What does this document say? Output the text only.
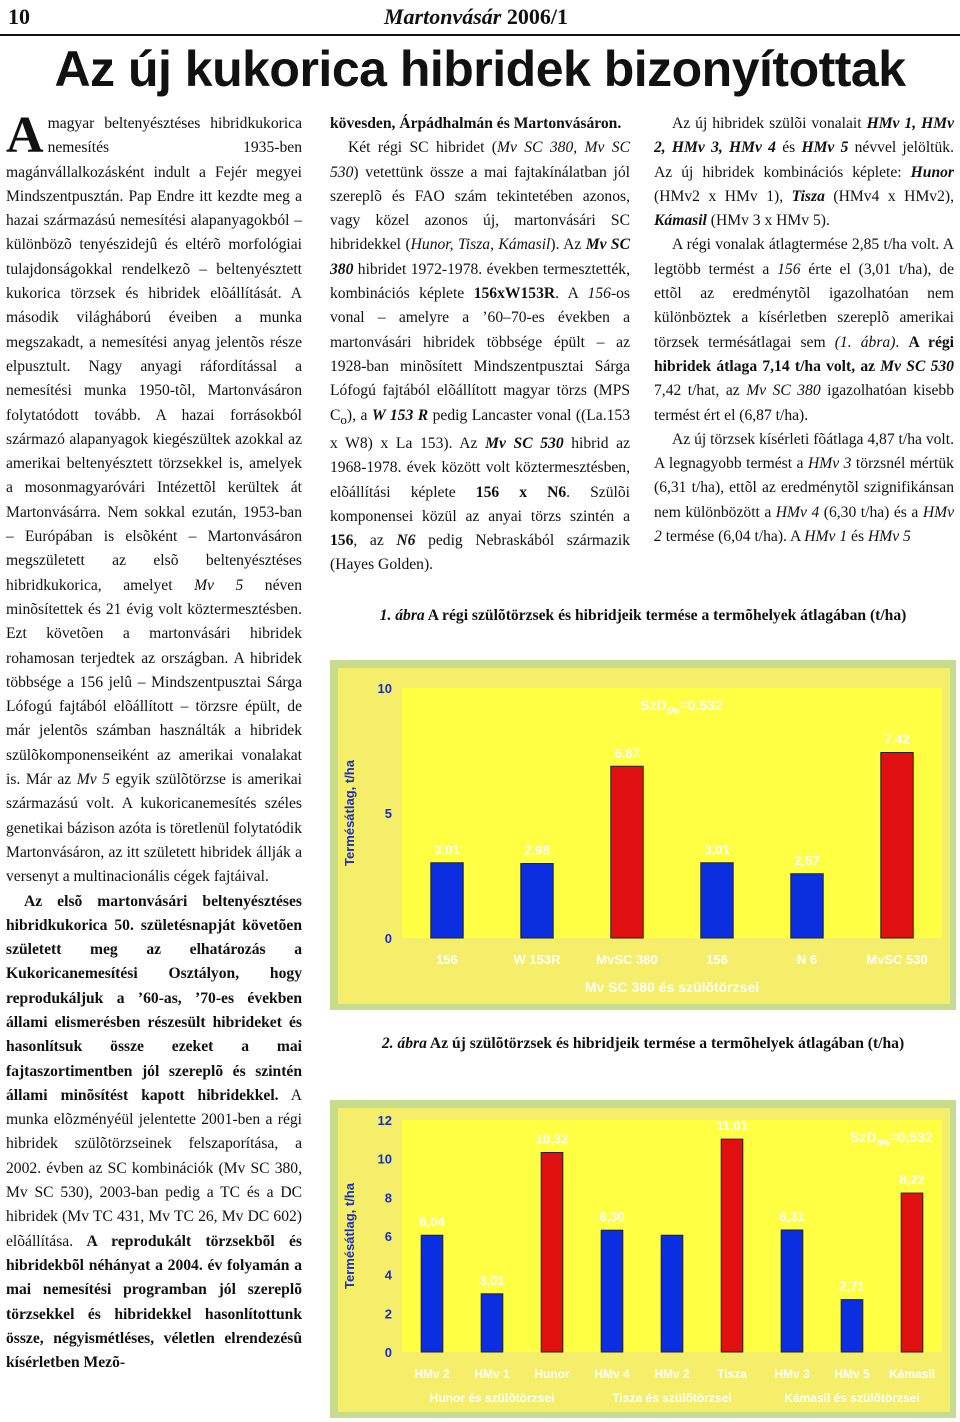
10	Martonvásár 2006/1
Az új kukorica hibridek bizonyítottak

Amagyar beltenyésztéses hibridkukorica nemesítés 1935-ben magánvállalkozásként indult a Fejér megyei Mindszentpusztán. Pap Endre itt kezdte meg a hazai származású nemesítési alapanyagokból – különbözõ tenyészidejû és eltérõ morfológiai tulajdonságokkal rendelkezõ – beltenyésztett kukorica törzsek és hibridek elõállítását. A második világháború éveiben a munka megszakadt, a nemesítési anyag jelentõs része elpusztult. Nagy anyagi ráfordítással a nemesítési munka 1950-tõl, Martonvásáron folytatódott tovább. A hazai forrásokból származó alapanyagok kiegészültek azokkal az amerikai beltenyésztett törzsekkel is, amelyek a mosonmagyaróvári Intézettõl kerültek át Martonvásárra. Nem sokkal ezután, 1953-ban – Európában is elsõként – Martonvásáron megszületett az elsõ beltenyésztéses hibridkukorica, amelyet Mv 5 néven minõsítettek és 21 évig volt köztermesztésben. Ezt követõen a martonvásári hibridek rohamosan terjedtek az országban. A hibridek többsége a 156 jelû – Mindszentpusztai Sárga Lófogú fajtából elõállított – törzsre épült, de már jelentõs számban használták a hibridek szülõkomponenseiként az amerikai vonalakat is. Már az Mv 5 egyik szülõtörzse is amerikai származású volt. A kukoricanemesítés széles genetikai bázison azóta is töretlenül folytatódik Martonvásáron, az itt született hibridek állják a versenyt a multinacionális cégek fajtáival.

Az elsõ martonvásári beltenyésztéses hibridkukorica 50. születésnapját követõen született meg az elhatározás a Kukoricanemesítési Osztályon, hogy reprodukáljuk a ’60-as, ’70-es években állami elismerésben részesült hibrideket és hasonlítsuk össze ezeket a mai fajtaszortimentben jól szereplõ és szintén állami minõsítést kapott hibridekkel. A munka elõzményéül jelentette 2001-ben a régi hibridek szülõtörzseinek felszaporítása, a 2002. évben az SC kombinációk (Mv SC 380, Mv SC 530), 2003-ban pedig a TC és a DC hibridek (Mv TC 431, Mv TC 26, Mv DC 602) elõállítása. A reprodukált törzsekbõl és hibridekbõl néhányat a 2004. év folyamán a mai nemesítési programban jól szereplõ törzsekkel és hibridekkel hasonlítottunk össze, négyismétléses, véletlen elrendezésû kísérletben Mezõ-

kövesden, Árpádhalmán és Martonvásáron.

Két régi SC hibridet (Mv SC 380, Mv SC 530) vetettünk össze a mai fajtakínálatban jól szereplõ és FAO szám tekintetében azonos, vagy közel azonos új, martonvásári SC hibridekkel (Hunor, Tisza, Kámasil). Az Mv SC 380 hibridet 1972-1978. években termesztették, kombinációs képlete 156xW153R. A 156-os vonal – amelyre a ’60–70-es években a martonvásári hibridek többsége épült – az 1928-ban minõsített Mindszentpusztai Sárga Lófogú fajtából elõállított magyar törzs (MPS $C_o$), a W 153 R pedig Lancaster vonal ((La.153 x W8) x La 153). Az Mv SC 530 hibrid az 1968-1978. évek között volt köztermesztésben, elõállítási képlete 156 x N6. Szülõi komponensei közül az anyai törzs szintén a 156, az N6 pedig Nebraskából származik (Hayes Golden).

Az új hibridek szülõi vonalait HMv 1, HMv 2, HMv 3, HMv 4 és HMv 5 névvel jelöltük. Az új hibridek kombinációs képlete: Hunor (HMv2 x HMv 1), Tisza (HMv4 x HMv2), Kámasil (HMv 3 x HMv 5).

A régi vonalak átlagtermése 2,85 t/ha volt. A legtöbb termést a 156 érte el (3,01 t/ha), de ettõl az eredménytõl igazolhatóan nem különböztek a kísérletben szereplõ amerikai törzsek termésátlagai sem (1. ábra). A régi hibridek átlaga 7,14 t/ha volt, az Mv SC 530 7,42 t/hat, az Mv SC 380 igazolhatóan kisebb termést ért el (6,87 t/ha).

Az új törzsek kísérleti fõátlaga 4,87 t/ha volt. A legnagyobb termést a HMv 3 törzsnél mértük (6,31 t/ha), ettõl az eredménytõl szignifikánsan nem különbözött a HMv 4 (6,30 t/ha) és a HMv 2 termése (6,04 t/ha). A HMv 1 és HMv 5

1. ábra A régi szülõtörzsek és hibridjeik termése a termõhelyek átlagában (t/ha)
0
5
10
Termésátlag, t/ha
SzD$_{5\%}$=0,532
3,01
156
2,98
W 153R
6,87
MvSC 380
3,01
156
2,57
N 6
7,42
MvSC 530
Mv SC 380 és szülõtörzsei
2. ábra Az új szülõtörzsek és hibridjeik termése a termõhelyek átlagában (t/ha)
0
2
4
6
8
10
12
Termésátlag, t/ha
SzD$_{5\%}$=0,532
6,04
HMv 2
3,01
HMv 1
10,32
Hunor
6,30
HMv 4 HMv 2
11,01
Tisza
6,31
HMv 3
2,71
HMv 5
8,22
Kámasil
Hunor és szülõtörzsei	Tisza és szülõtörzsei	Kámasil és szülõtörzsei
